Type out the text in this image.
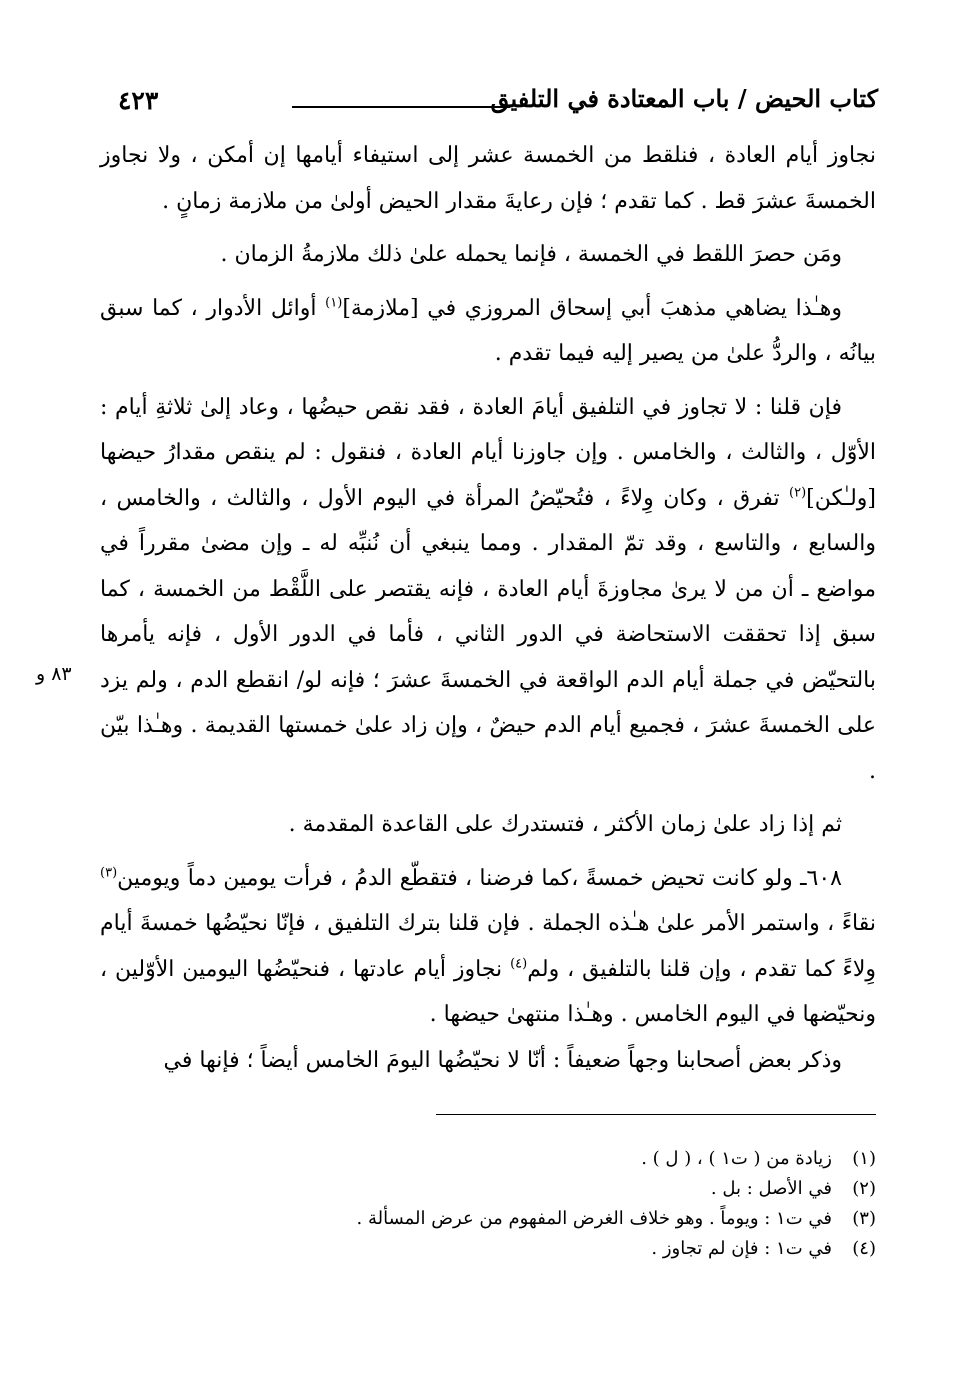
٤٢٣	كتاب الحيض / باب المعتادة في التلفيق
٨٣ و

نجاوز أيام العادة ، فنلقط من الخمسة عشر إلى استيفاء أيامها إن أمكن ، ولا نجاوز الخمسةَ عشرَ قط . كما تقدم ؛ فإن رعايةَ مقدار الحيض أولىٰ من ملازمة زمانٍ .

ومَن حصرَ اللقط في الخمسة ، فإنما يحمله علىٰ ذلك ملازمةُ الزمان .

وهـٰذا يضاهي مذهبَ أبي إسحاق المروزي في [ملازمة]$^{(١)}$ أوائل الأدوار ، كما سبق بيانُه ، والردُّ علىٰ من يصير إليه فيما تقدم .

فإن قلنا : لا تجاوز في التلفيق أيامَ العادة ، فقد نقص حيضُها ، وعاد إلىٰ ثلاثةِ أيام : الأوّل ، والثالث ، والخامس . وإن جاوزنا أيام العادة ، فنقول : لم ينقص مقدارُ حيضها [ولـٰكن]$^{(٢)}$ تفرق ، وكان وِلاءً ، فتُحيّضُ المرأة في اليوم الأول ، والثالث ، والخامس ، والسابع ، والتاسع ، وقد تمّ المقدار . ومما ينبغي أن نُنبِّه له ـ وإن مضىٰ مقرراً في مواضع ـ أن من لا يرىٰ مجاوزةَ أيام العادة ، فإنه يقتصر على اللَّقْط من الخمسة ، كما سبق إذا تحققت الاستحاضة في الدور الثاني ، فأما في الدور الأول ، فإنه يأمرها بالتحيّض في جملة أيام الدم الواقعة في الخمسةَ عشرَ ؛ فإنه لو/ انقطع الدم ، ولم يزد على الخمسةَ عشرَ ، فجميع أيام الدم حيضٌ ، وإن زاد علىٰ خمستها القديمة . وهـٰذا بيّن .

ثم إذا زاد علىٰ زمان الأكثر ، فتستدرك على القاعدة المقدمة .

٦٠٨ـ ولو كانت تحيض خمسةً ،كما فرضنا ، فتقطّع الدمُ ، فرأت يومين دماً ويومين$^{(٣)}$ نقاءً ، واستمر الأمر علىٰ هـٰذه الجملة . فإن قلنا بترك التلفيق ، فإنّا نحيّضُها خمسةَ أيام وِلاءً كما تقدم ، وإن قلنا بالتلفيق ، ولم$^{(٤)}$ نجاوز أيام عادتها ، فنحيّضُها اليومين الأوّلين ، ونحيّضها في اليوم الخامس . وهـٰذا منتهىٰ حيضها .

وذكر بعض أصحابنا وجهاً ضعيفاً : أنّا لا نحيّضُها اليومَ الخامس أيضاً ؛ فإنها في

(١)
زيادة من ( ت١ ) ، ( ل ) .
(٢)
في الأصل : بل .
(٣)
في ت١ : ويوماً . وهو خلاف الغرض المفهوم من عرض المسألة .
(٤)
في ت١ : فإن لم تجاوز .
